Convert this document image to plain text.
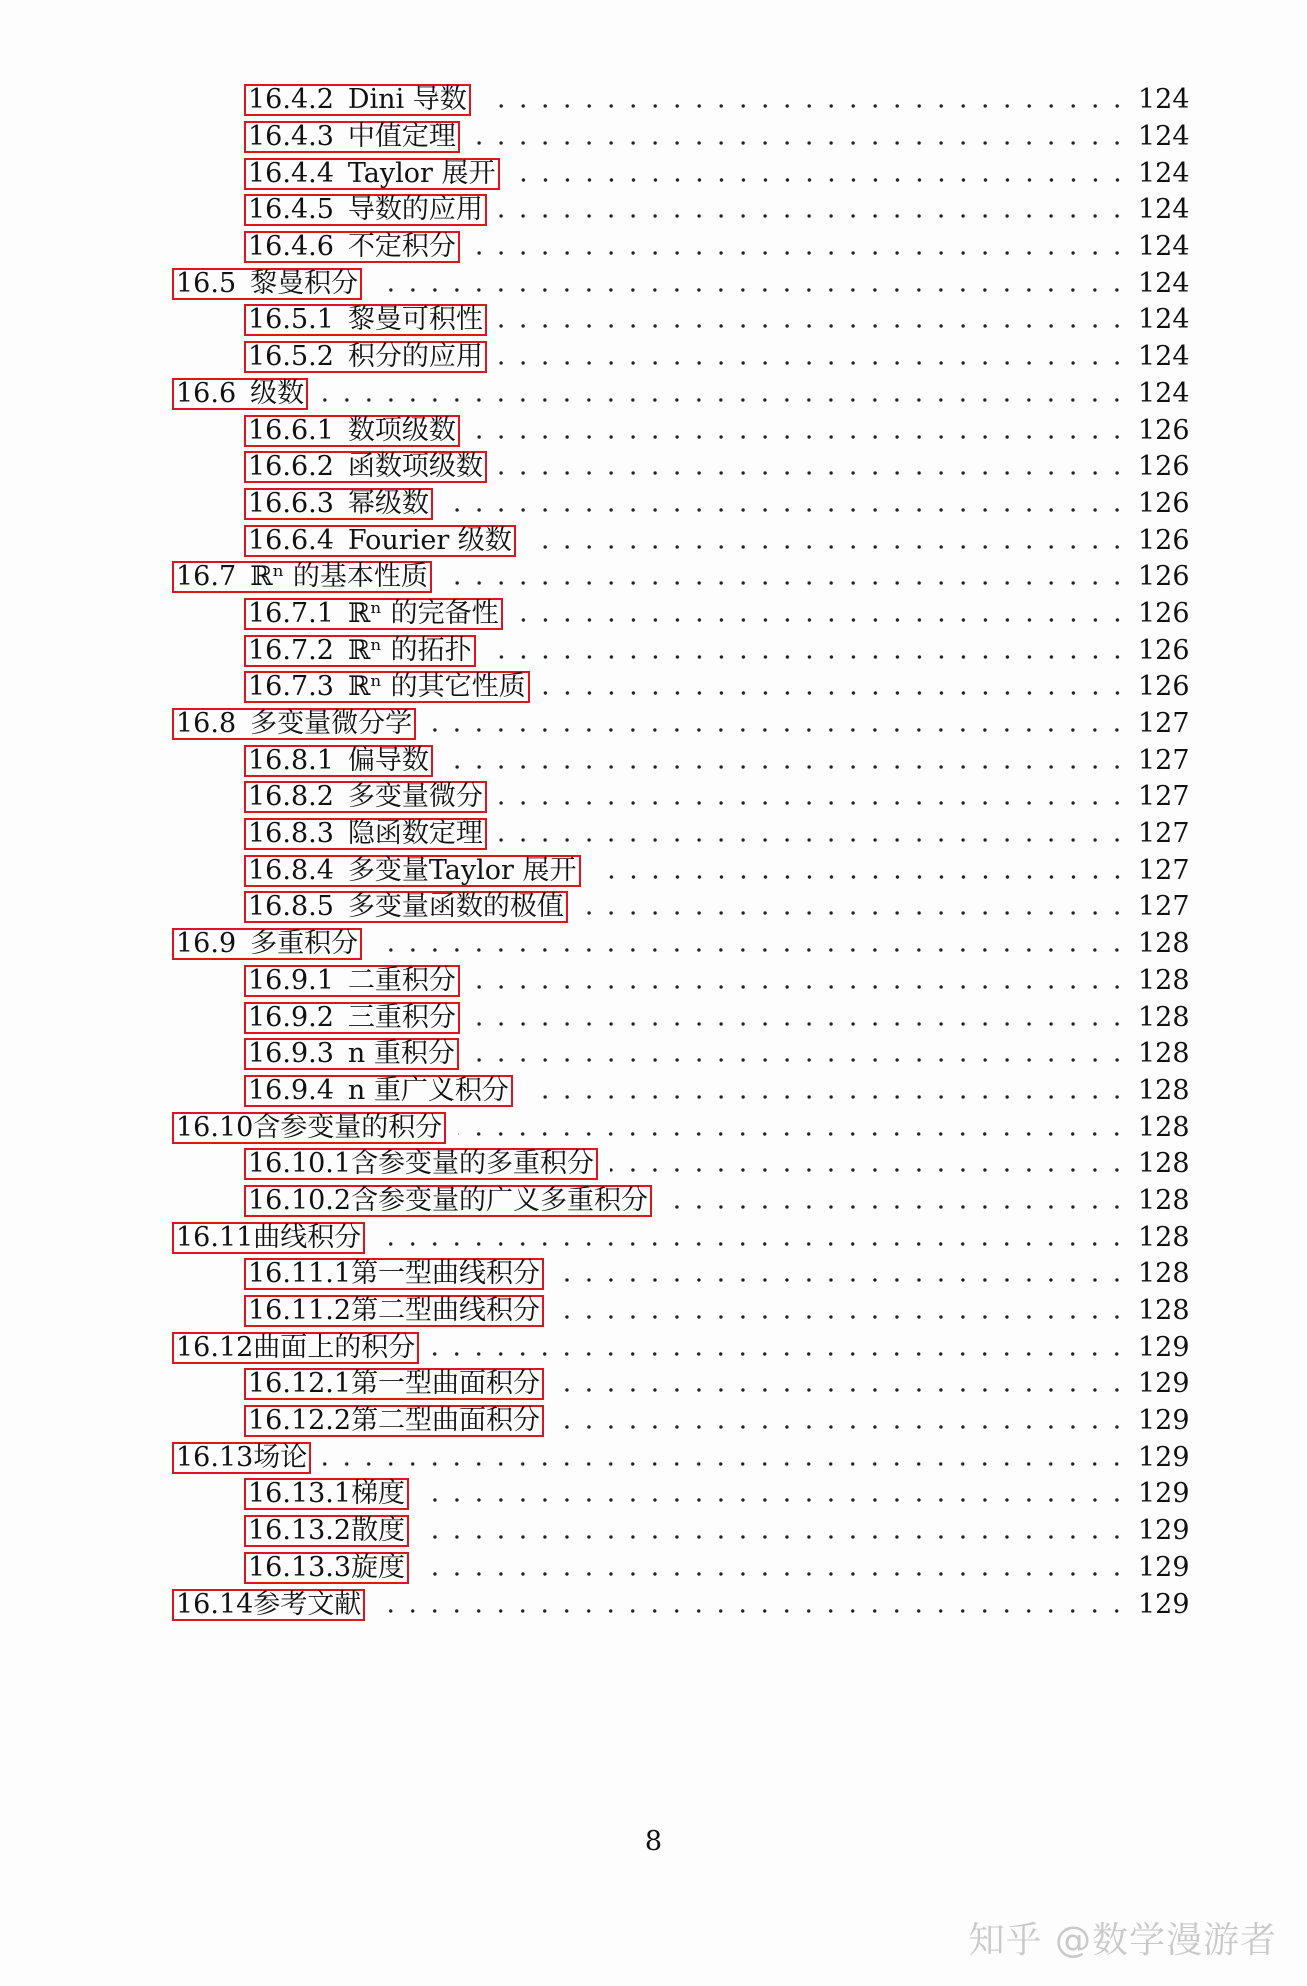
16.4.2 Dini 导数	124
16.4.3 中值定理	124
16.4.4 Taylor 展开	124
16.4.5 导数的应用	124
16.4.6 不定积分	124
16.5 黎曼积分	124
16.5.1 黎曼可积性	124
16.5.2 积分的应用	124
16.6 级数	124
16.6.1 数项级数	126
16.6.2 函数项级数	126
16.6.3 幂级数	126
16.6.4 Fourier 级数	126
16.7 ℝⁿ 的基本性质	126
16.7.1 ℝⁿ 的完备性	126
16.7.2 ℝⁿ 的拓扑	126
16.7.3 ℝⁿ 的其它性质	126
16.8 多变量微分学	127
16.8.1 偏导数	127
16.8.2 多变量微分	127
16.8.3 隐函数定理	127
16.8.4 多变量Taylor 展开	127
16.8.5 多变量函数的极值	127
16.9 多重积分	128
16.9.1 二重积分	128
16.9.2 三重积分	128
16.9.3 n 重积分	128
16.9.4 n 重广义积分	128
16.10 含参变量的积分	128
16.10.1 含参变量的多重积分	128
16.10.2 含参变量的广义多重积分	128
16.11 曲线积分	128
16.11.1 第一型曲线积分	128
16.11.2 第二型曲线积分	128
16.12 曲面上的积分	129
16.12.1 第一型曲面积分	129
16.12.2 第二型曲面积分	129
16.13 场论	129
16.13.1 梯度	129
16.13.2 散度	129
16.13.3 旋度	129
16.14 参考文献	129
8
知乎 @数学漫游者
